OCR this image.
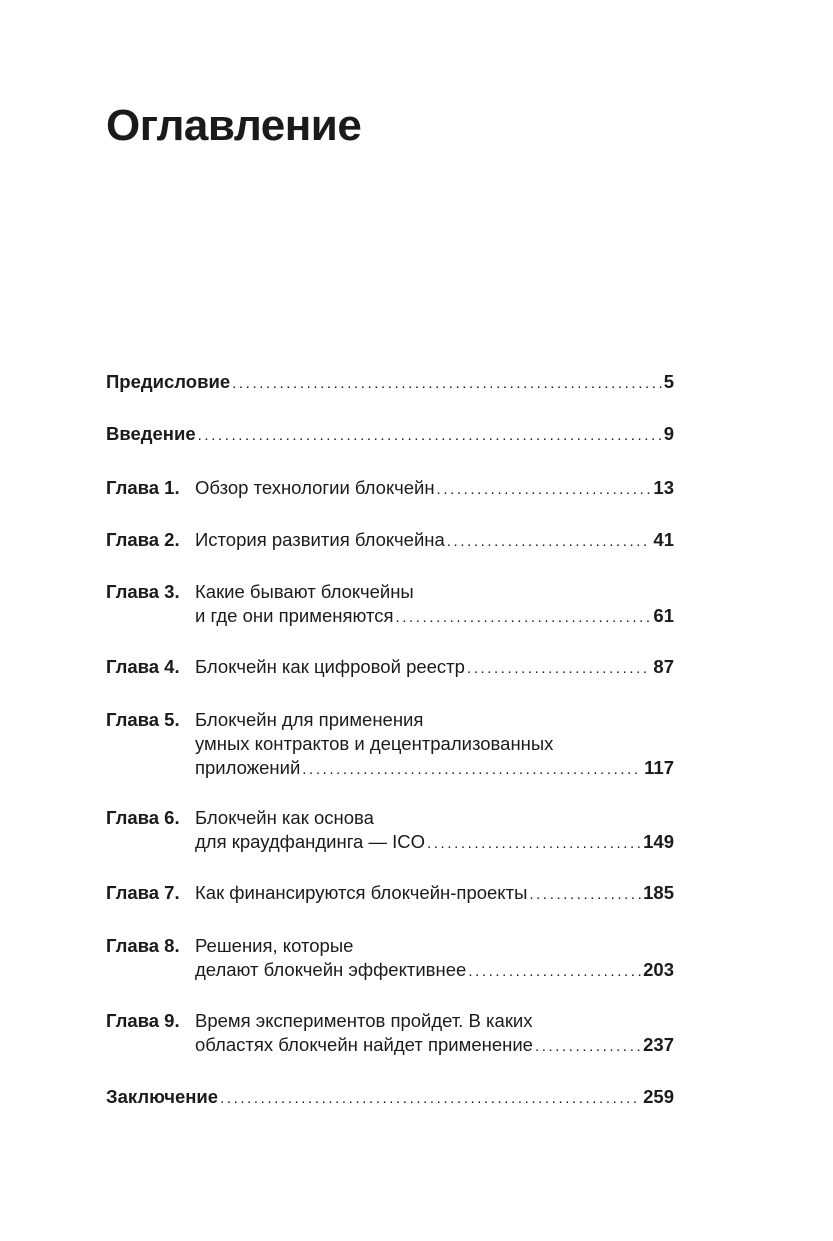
Оглавление
Предисловие .....	5
Введение .....	9
Глава 1. Обзор технологии блокчейн .....	13
Глава 2. История развития блокчейна .....	41
Глава 3. Какие бывают блокчейны
и где они применяются .....	61
Глава 4. Блокчейн как цифровой реестр .....	87
Глава 5. Блокчейн для применения
умных контрактов и децентрализованных
приложений .....	117
Глава 6. Блокчейн как основа
для краудфандинга — ICO .....	149
Глава 7. Как финансируются блокчейн-проекты .....	185
Глава 8. Решения, которые
делают блокчейн эффективнее .....	203
Глава 9. Время экспериментов пройдет. В каких
областях блокчейн найдет применение .....	237
Заключение .....	259
